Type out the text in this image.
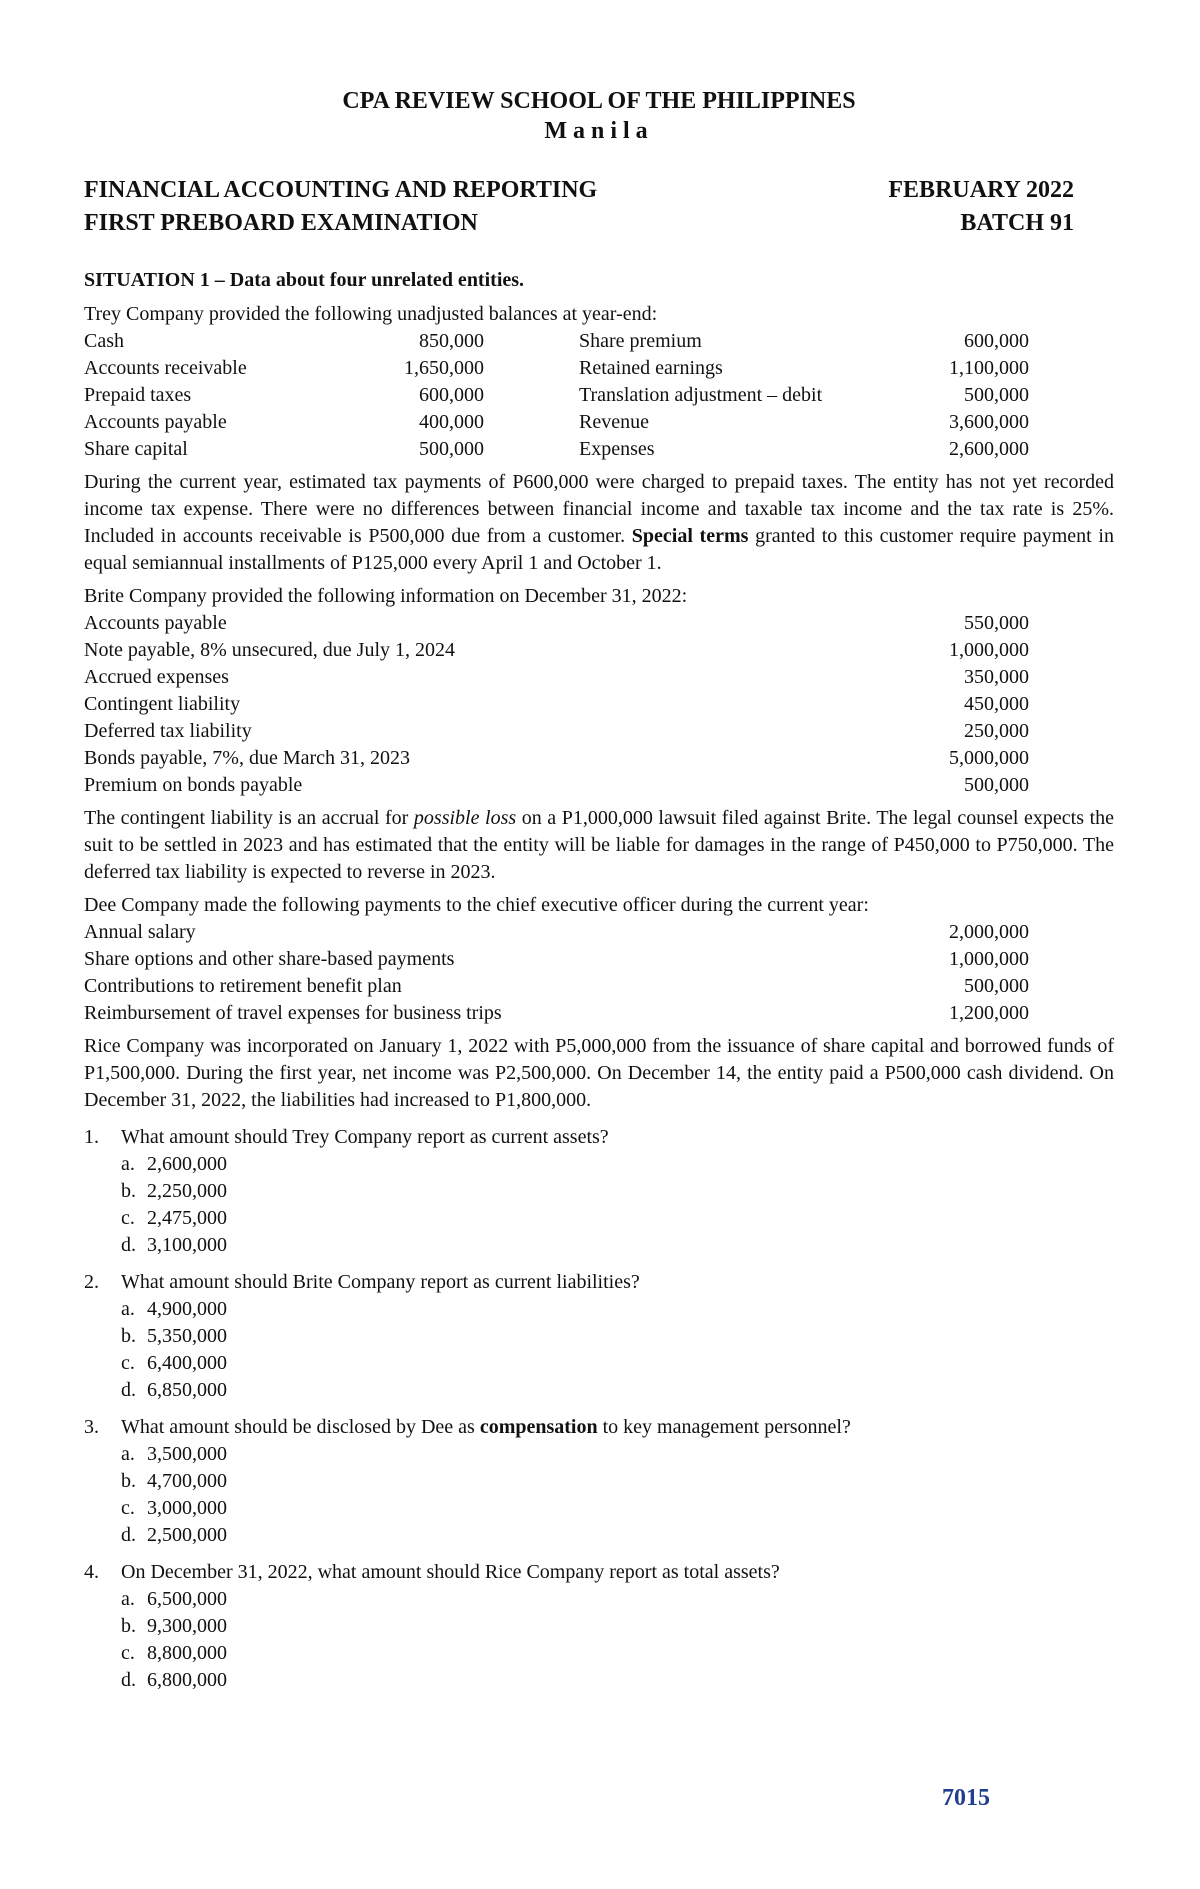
CPA REVIEW SCHOOL OF THE PHILIPPINES
Manila
FINANCIAL ACCOUNTING AND REPORTING	FEBRUARY 2022
FIRST PREBOARD EXAMINATION	BATCH 91
SITUATION 1 – Data about four unrelated entities.

Trey Company provided the following unadjusted balances at year-end:

Cash	850,000	Share premium	600,000
Accounts receivable	1,650,000	Retained earnings	1,100,000
Prepaid taxes	600,000	Translation adjustment – debit	500,000
Accounts payable	400,000	Revenue	3,600,000
Share capital	500,000	Expenses	2,600,000

During the current year, estimated tax payments of P600,000 were charged to prepaid taxes. The entity has not yet recorded income tax expense. There were no differences between financial income and taxable tax income and the tax rate is 25%. Included in accounts receivable is P500,000 due from a customer. Special terms granted to this customer require payment in equal semiannual installments of P125,000 every April 1 and October 1.

Brite Company provided the following information on December 31, 2022:

Accounts payable	550,000
Note payable, 8% unsecured, due July 1, 2024	1,000,000
Accrued expenses	350,000
Contingent liability	450,000
Deferred tax liability	250,000
Bonds payable, 7%, due March 31, 2023	5,000,000
Premium on bonds payable	500,000

The contingent liability is an accrual for possible loss on a P1,000,000 lawsuit filed against Brite. The legal counsel expects the suit to be settled in 2023 and has estimated that the entity will be liable for damages in the range of P450,000 to P750,000. The deferred tax liability is expected to reverse in 2023.

Dee Company made the following payments to the chief executive officer during the current year:

Annual salary	2,000,000
Share options and other share-based payments	1,000,000
Contributions to retirement benefit plan	500,000
Reimbursement of travel expenses for business trips	1,200,000

Rice Company was incorporated on January 1, 2022 with P5,000,000 from the issuance of share capital and borrowed funds of P1,500,000. During the first year, net income was P2,500,000. On December 14, the entity paid a P500,000 cash dividend. On December 31, 2022, the liabilities had increased to P1,800,000.

1.	What amount should Trey Company report as current assets?
a. 2,600,000
b. 2,250,000
c. 2,475,000
d. 3,100,000
2.	What amount should Brite Company report as current liabilities?
a. 4,900,000
b. 5,350,000
c. 6,400,000
d. 6,850,000
3.	What amount should be disclosed by Dee as compensation to key management personnel?
a. 3,500,000
b. 4,700,000
c. 3,000,000
d. 2,500,000
4.	On December 31, 2022, what amount should Rice Company report as total assets?
a. 6,500,000
b. 9,300,000
c. 8,800,000
d. 6,800,000
7015
